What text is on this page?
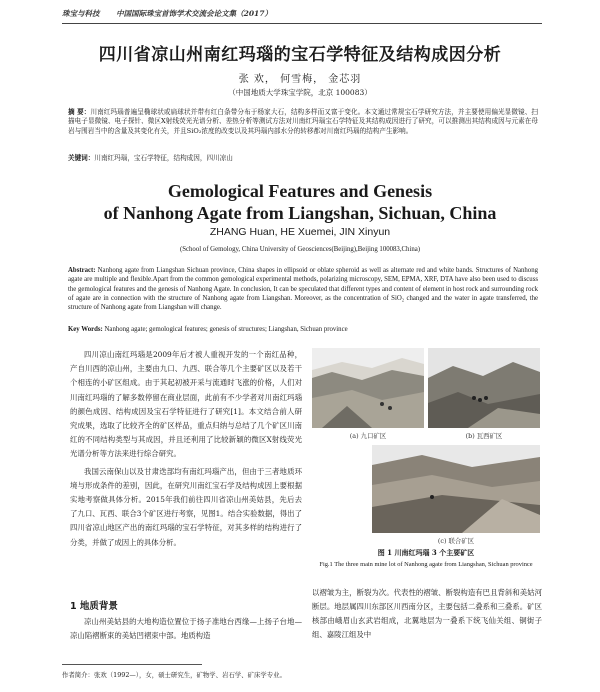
珠宝与科技 中国国际珠宝首饰学术交流会论文集（2017）
四川省凉山州南红玛瑙的宝石学特征及结构成因分析
张 欢， 何雪梅， 金芯羽
（中国地质大学珠宝学院，北京 100083）
摘 要：川南红玛瑙普遍呈椭球状或扁球状并带有红白条带分布于杨家大石，结构多样而又富于变化。本文通过常规宝石学研究方法，并主要使用偏光显微镜、扫描电子显微镜、电子探针、微区X射线荧光光谱分析、差热分析等测试方法对川南红玛瑙宝石学特征及其结构成因进行了研究，可以推测出其结构成因与元素在母岩与围岩当中的含量及其变化有关，并且SiO₂浓度的改变以及其玛瑙内部水分的转移都对川南红玛瑙的结构产生影响。
关键词：川南红玛瑙，宝石学特征，结构成因，四川凉山
Gemological Features and Genesis
of Nanhong Agate from Liangshan, Sichuan, China
ZHANG Huan, HE Xuemei, JIN Xinyun
(School of Gemology, China University of Geosciences(Beijing),Beijing 100083,China)
Abstract: Nanhong agate from Liangshan Sichuan province, China shapes in ellipsoid or oblate spheroid as well as alternate red and white bands. Structures of Nanhong agate are multiple and flexible.Apart from the common gemological experimental methods, polarizing microscopy, SEM, EPMA, XRF, DTA have also been used to discuss the gemological features and the genesis of Nanhong Agate. In conclusion, It can be speculated that different types and content of element in host rock and surrounding rock of agate are in connection with the structure of Nanhong agate from Liangshan. Moreover, as the concentration of SiO₂ changed and the water in agate transferred, the structure of Nanhong agate from Liangshan will change.
Key Words: Nanhong agate; gemological features; genesis of structures; Liangshan, Sichuan province

四川凉山南红玛瑙是2009年后才被人重视开发的一个南红品种，产自川西的凉山州，主要由九口、九西、联合等几个主要矿区以及若干个相连的小矿区组成。由于其起初被开采与流通时飞涨的价格，人们对川南红玛瑙的了解多数停留在商业层面，此前有不少学者对川南红玛瑙的颜色成因、结构成因及宝石学特征进行了研究[1]。本文结合前人研究成果，选取了比较齐全的矿区样品，重点归纳与总结了几个矿区川南红的不同结构类型与其成因，并且还利用了比较新颖的微区X射线荧光光谱分析等方法来进行综合研究。

我国云南保山以及甘肃迭部均有南红玛瑙产出，但由于三者地质环境与形成条件的差别，因此，在研究川南红宝石学及结构成因上要根据实地考察做具体分析。2015年我们前往四川省凉山州美姑县，先后去了九口、瓦西、联合3个矿区进行考察，见图1。结合实验数据，得出了四川省凉山地区产出的南红玛瑙的宝石学特征，对其多样的结构进行了分类，并做了成因上的具体分析。

1 地质背景
凉山州美姑县的大地构造位置位于扬子准地台西缘—上扬子台地—凉山陷褶断束的美姑凹褶束中部。地质构造
(a) 九口矿区	(b) 瓦西矿区
(c) 联合矿区
图 1 川南红玛瑙 3 个主要矿区
Fig.1 The three main mine lot of Nanhong agate from Liangshan, Sichuan province
以褶皱为主，断裂为次。代表性的褶皱、断裂构造有巴且背斜和美姑河断层。地层属四川东部区川西南分区，主要包括二叠系和三叠系。矿区核部由峨眉山玄武岩组成，北翼地层为一叠系下统飞仙关组、铜街子组、嘉陵江组及中
作者简介：张欢（1992—），女，硕士研究生，矿物学、岩石学、矿床学专业。
